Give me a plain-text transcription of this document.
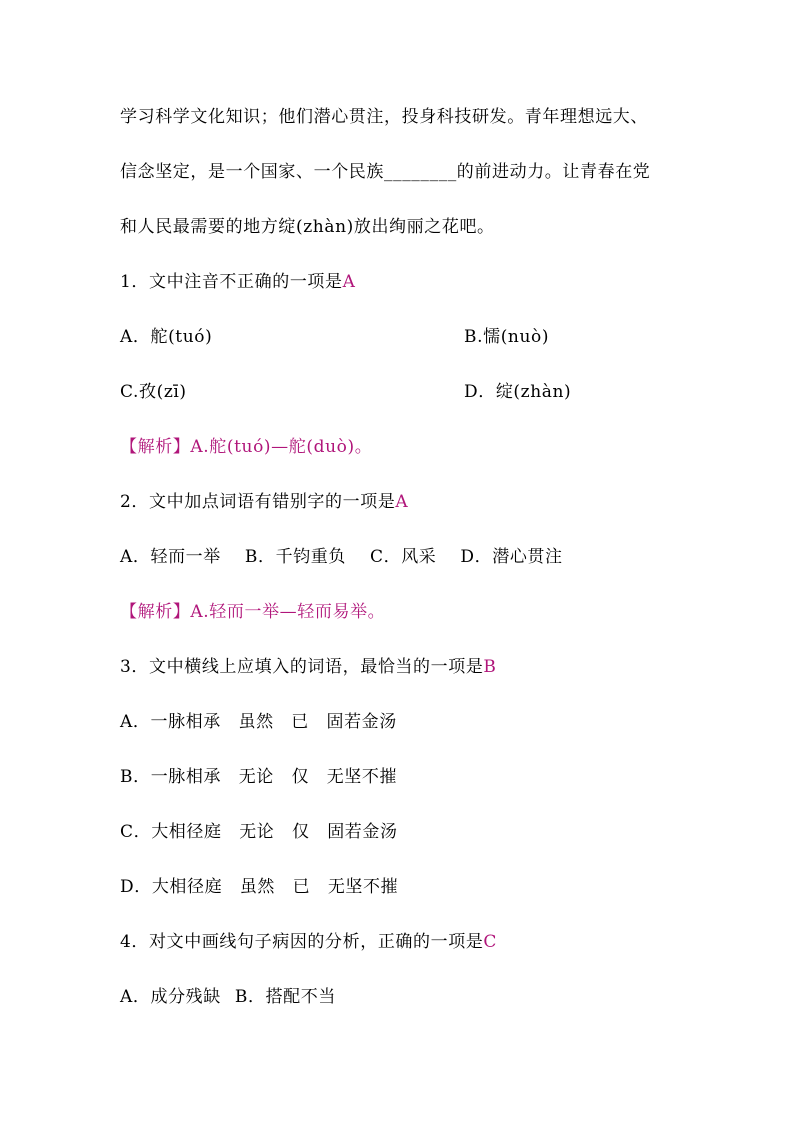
学习科学文化知识；他们潜心贯注，投身科技研发。青年理想远大、
信念坚定，是一个国家、一个民族________的前进动力。让青春在党
和人民最需要的地方绽(zhàn)放出绚丽之花吧。
1．文中注音不正确的一项是A
A．舵(tuó)	B.懦(nuò)
C.孜(zī)	D．绽(zhàn)
【解析】A.舵(tuó)—舵(duò)。
2．文中加点词语有错别字的一项是A
A．轻而一举 B．千钧重负 C．风采 D．潜心贯注
【解析】A.轻而一举—轻而易举。
3．文中横线上应填入的词语，最恰当的一项是B
A．一脉相承　虽然　已　固若金汤
B．一脉相承　无论　仅　无坚不摧
C．大相径庭　无论　仅　固若金汤
D．大相径庭　虽然　已　无坚不摧
4．对文中画线句子病因的分析，正确的一项是C
A．成分残缺 B．搭配不当
